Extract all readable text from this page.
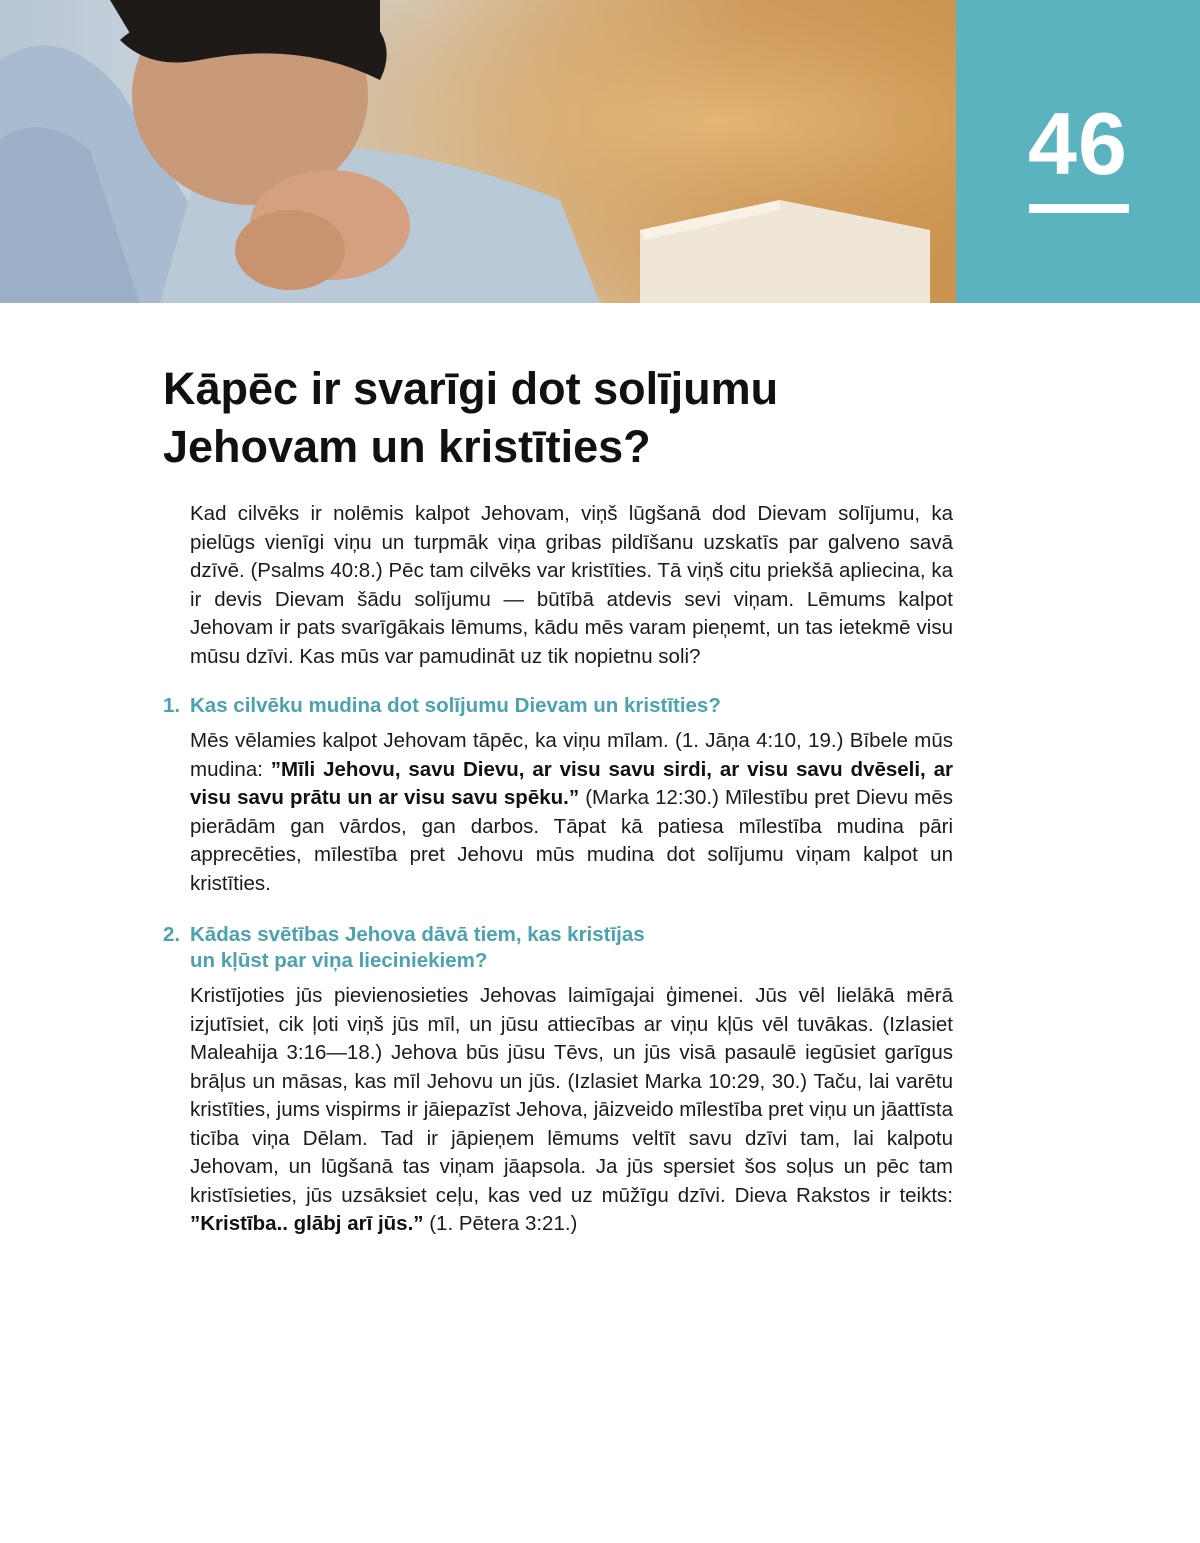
46
Kāpēc ir svarīgi dot solījumu
Jehovam un kristīties?

Kad cilvēks ir nolēmis kalpot Jehovam, viņš lūgšanā dod Dievam solījumu, ka pielūgs vienīgi viņu un turpmāk viņa gribas pildīšanu uzskatīs par galveno savā dzīvē. (Psalms 40:8.) Pēc tam cilvēks var kristīties. Tā viņš citu priekšā apliecina, ka ir devis Dievam šādu solījumu — būtībā atdevis sevi viņam. Lēmums kalpot Jehovam ir pats svarīgākais lēmums, kādu mēs varam pieņemt, un tas ietekmē visu mūsu dzīvi. Kas mūs var pamudināt uz tik nopietnu soli?

1. Kas cilvēku mudina dot solījumu Dievam un kristīties?

Mēs vēlamies kalpot Jehovam tāpēc, ka viņu mīlam. (1. Jāņa 4:10, 19.) Bībele mūs mudina: ”Mīli Jehovu, savu Dievu, ar visu savu sirdi, ar visu savu dvēseli, ar visu savu prātu un ar visu savu spēku.” (Marka 12:30.) Mīlestību pret Dievu mēs pierādām gan vārdos, gan darbos. Tāpat kā patiesa mīlestība mudina pāri apprecēties, mīlestība pret Jehovu mūs mudina dot solījumu viņam kalpot un kristīties.

2. Kādas svētības Jehova dāvā tiem, kas kristījas
un kļūst par viņa lieciniekiem?

Kristījoties jūs pievienosieties Jehovas laimīgajai ģimenei. Jūs vēl lielākā mērā izjutīsiet, cik ļoti viņš jūs mīl, un jūsu attiecības ar viņu kļūs vēl tuvākas. (Izlasiet Maleahija 3:16—18.) Jehova būs jūsu Tēvs, un jūs visā pasaulē iegūsiet garīgus brāļus un māsas, kas mīl Jehovu un jūs. (Izlasiet Marka 10:29, 30.) Taču, lai varētu kristīties, jums vispirms ir jāiepazīst Jehova, jāizveido mīlestība pret viņu un jāattīsta ticība viņa Dēlam. Tad ir jāpieņem lēmums veltīt savu dzīvi tam, lai kalpotu Jehovam, un lūgšanā tas viņam jāapsola. Ja jūs spersiet šos soļus un pēc tam kristīsieties, jūs uzsāksiet ceļu, kas ved uz mūžīgu dzīvi. Dieva Rakstos ir teikts: ”Kristība.. glābj arī jūs.” (1. Pētera 3:21.)
